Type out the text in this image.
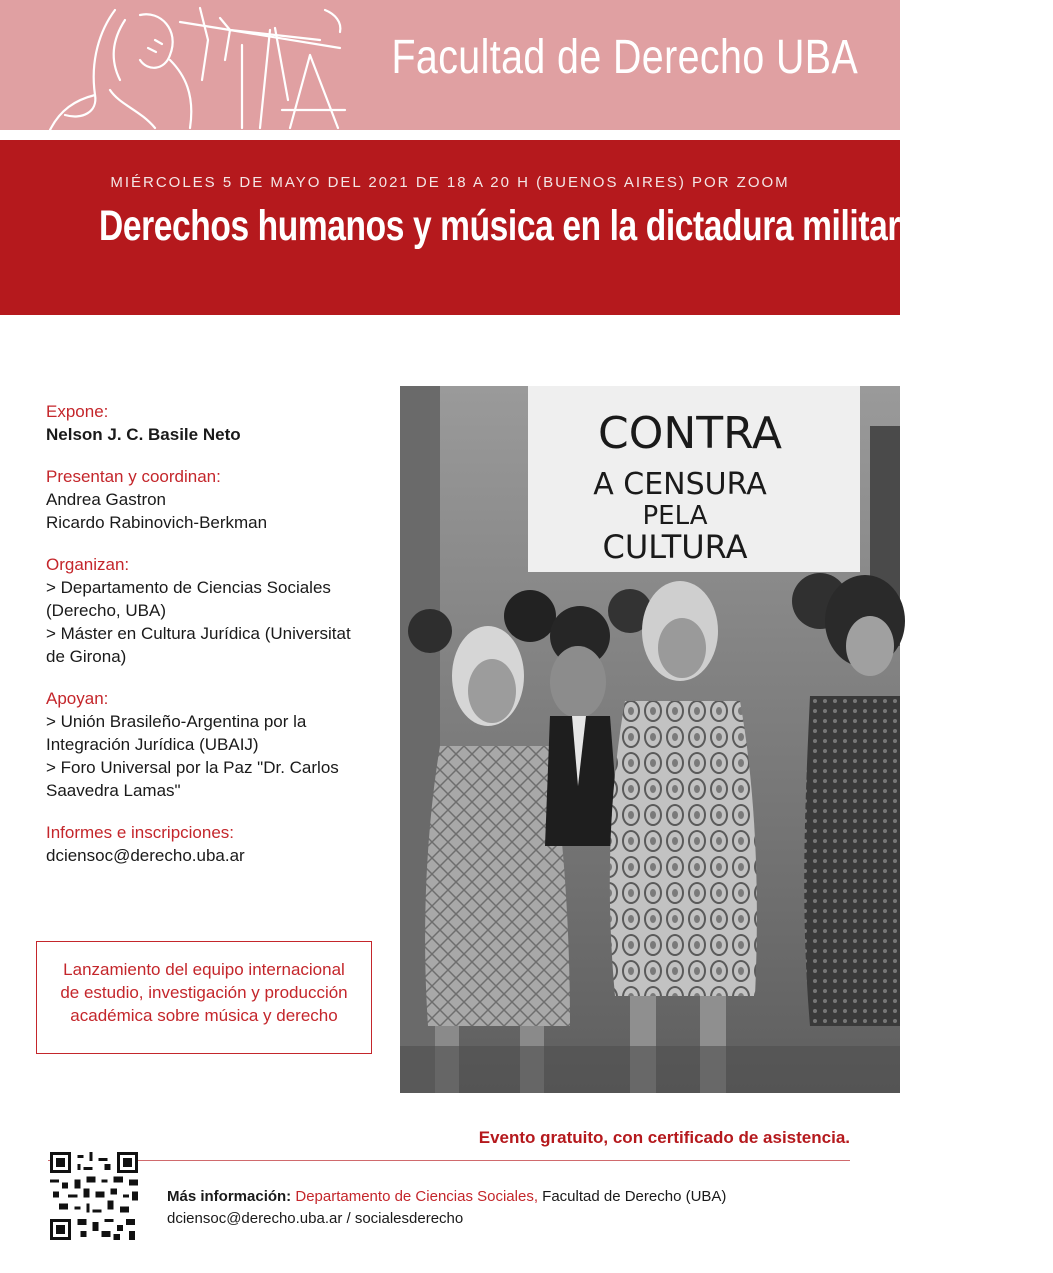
Facultad de Derecho UBA
MIÉRCOLES 5 DE MAYO DEL 2021 DE 18 A 20 H (BUENOS AIRES) POR ZOOM
Derechos humanos y música en la dictadura militar brasileña
Expone:
Nelson J. C. Basile Neto
Presentan y coordinan:
Andrea Gastron
Ricardo Rabinovich-Berkman
Organizan:
> Departamento de Ciencias Sociales
(Derecho, UBA)
> Máster en Cultura Jurídica (Universitat
de Girona)
Apoyan:
> Unión Brasileño-Argentina por la
Integración Jurídica (UBAIJ)
> Foro Universal por la Paz "Dr. Carlos
Saavedra Lamas"
Informes e inscripciones:
dciensoc@derecho.uba.ar
Lanzamiento del equipo internacional
de estudio, investigación y producción
académica sobre música y derecho
CONTRA
A CENSURA
PELA
CULTURA
Evento gratuito, con certificado de asistencia.
Más información: Departamento de Ciencias Sociales, Facultad de Derecho (UBA)
dciensoc@derecho.uba.ar / socialesderecho
